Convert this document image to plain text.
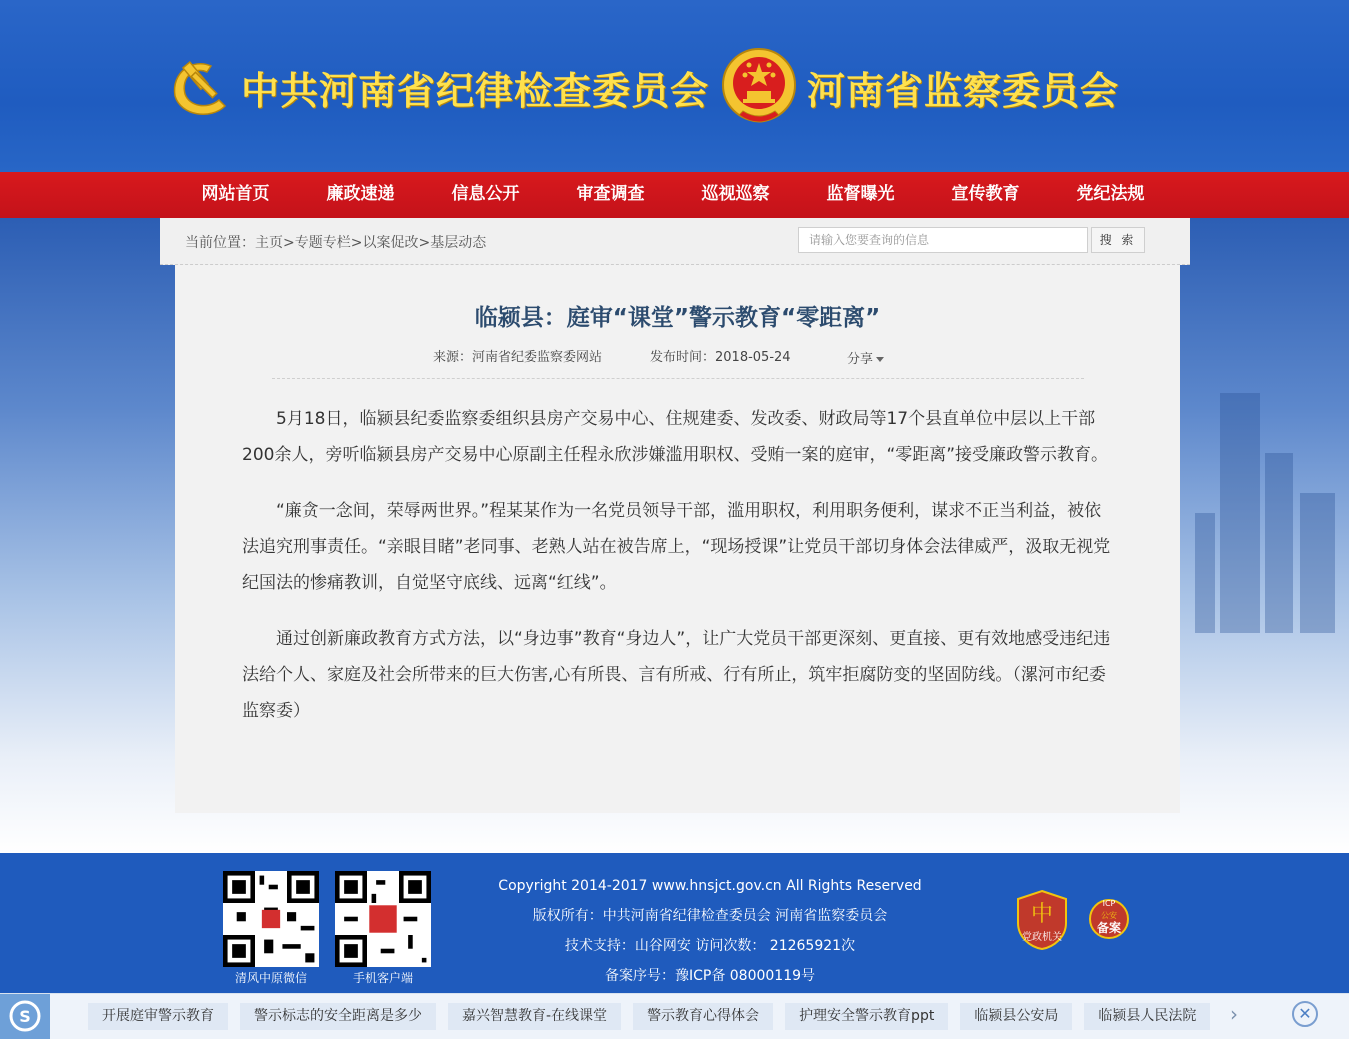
中共河南省纪律检查委员会	河南省监察委员会
网站首页	廉政速递	信息公开	审查调查	巡视巡察	监督曝光	宣传教育	党纪法规
当前位置：主页>专题专栏>以案促改>基层动态	请输入您要查询的信息	搜 索
临颍县：庭审“课堂”警示教育“零距离”
来源：河南省纪委监察委网站	发布时间：2018-05-24	分享

5月18日，临颍县纪委监察委组织县房产交易中心、住规建委、发改委、财政局等17个县直单位中层以上干部200余人，旁听临颍县房产交易中心原副主任程永欣涉嫌滥用职权、受贿一案的庭审，“零距离”接受廉政警示教育。

“廉贪一念间，荣辱两世界。”程某某作为一名党员领导干部，滥用职权，利用职务便利，谋求不正当利益，被依法追究刑事责任。“亲眼目睹”老同事、老熟人站在被告席上，“现场授课”让党员干部切身体会法律威严，汲取无视党纪国法的惨痛教训，自觉坚守底线、远离“红线”。

通过创新廉政教育方式方法，以“身边事”教育“身边人”，让广大党员干部更深刻、更直接、更有效地感受违纪违法给个人、家庭及社会所带来的巨大伤害,心有所畏、言有所戒、行有所止，筑牢拒腐防变的坚固防线。（漯河市纪委监察委）

清风中原微信	手机客户端
Copyright 2014-2017 www.hnsjct.gov.cn All Rights Reserved
版权所有：中共河南省纪律检查委员会 河南省监察委员会
技术支持：山谷网安 访问次数： 21265921次
备案序号：豫ICP备 08000119号
中
党政机关
ICP
公安
备案
S	开展庭审警示教育	警示标志的安全距离是多少	嘉兴智慧教育-在线课堂	警示教育心得体会	护理安全警示教育ppt	临颍县公安局	临颍县人民法院	›	✕
